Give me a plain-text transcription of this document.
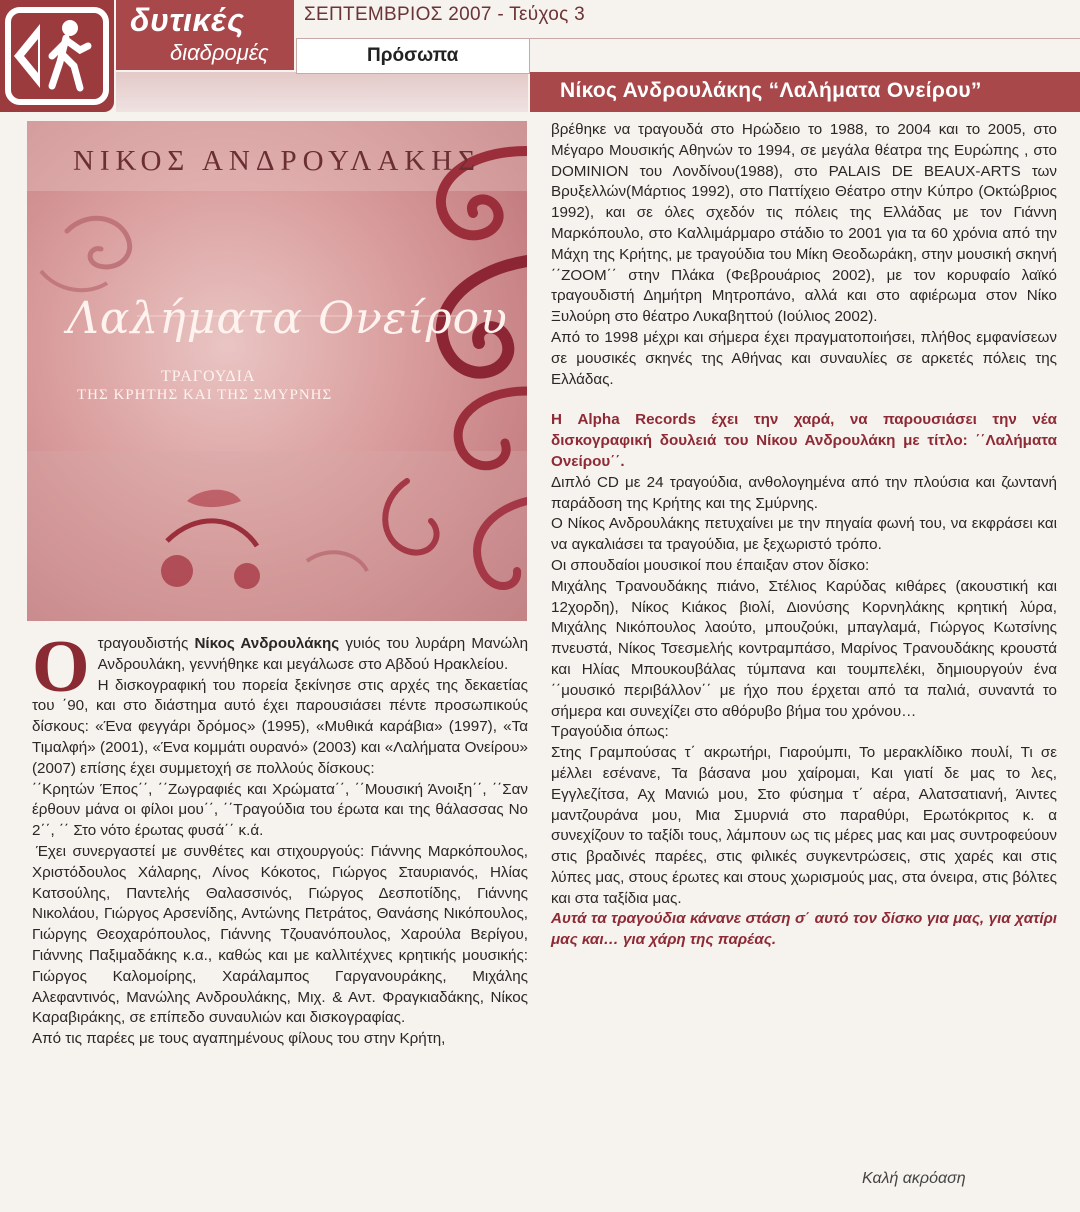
δυτικές
διαδρομές
ΣΕΠΤΕΜΒΡΙΟΣ 2007 - Τεύχος 3
Πρόσωπα
Νίκος Ανδρουλάκης “Λαλήματα Ονείρου”
ΝΙΚΟΣ ΑΝΔΡΟΥΛΑΚΗΣ
Λαλήματα Ονείρου
ΤΡΑΓΟΥΔΙΑ
ΤΗΣ ΚΡΗΤΗΣ ΚΑΙ ΤΗΣ ΣΜΥΡΝΗΣ

Ο τραγουδιστής Νίκος Ανδρουλάκης γυιός του λυράρη Μανώλη Ανδρουλάκη, γεννήθηκε και μεγάλωσε στο Αβδού Ηρακλείου.

Η δισκογραφική του πορεία ξεκίνησε στις αρχές της δεκαετίας του ΄90, και στο διάστημα αυτό έχει παρουσιάσει πέντε προσωπικούς δίσκους: «Ένα φεγγάρι δρόμος» (1995), «Μυθικά καράβια» (1997), «Τα Τιμαλφή» (2001), «Ένα κομμάτι ουρανό» (2003) και «Λαλήματα Ονείρου» (2007) επίσης έχει συμμετοχή σε πολλούς δίσκους:

΄΄Κρητών Έπος΄΄, ΄΄Ζωγραφιές και Χρώματα΄΄, ΄΄Μουσική Άνοιξη΄΄, ΄΄Σαν έρθουν μάνα οι φίλοι μου΄΄, ΄΄Τραγούδια του έρωτα και της θάλασσας Νο 2΄΄, ΄΄ Στο νότο έρωτας φυσά΄΄ κ.ά.

Έχει συνεργαστεί με συνθέτες και στιχουργούς: Γιάννης Μαρκόπουλος, Χριστόδουλος Χάλαρης, Λίνος Κόκοτος, Γιώργος Σταυριανός, Ηλίας Κατσούλης, Παντελής Θαλασσινός, Γιώργος Δεσποτίδης, Γιάννης Νικολάου, Γιώργος Αρσενίδης, Αντώνης Πετράτος, Θανάσης Νικόπουλος, Γιώργης Θεοχαρόπουλος, Γιάννης Τζουανόπουλος, Χαρούλα Βερίγου, Γιάννης Παξιμαδάκης κ.α., καθώς και με καλλιτέχνες κρητικής μουσικής: Γιώργος Καλομοίρης, Χαράλαμπος Γαργανουράκης, Μιχάλης Αλεφαντινός, Μανώλης Ανδρουλάκης, Μιχ. & Αντ. Φραγκιαδάκης, Νίκος Καραβιράκης, σε επίπεδο συναυλιών και δισκογραφίας.

Από τις παρέες με τους αγαπημένους φίλους του στην Κρήτη,

βρέθηκε να τραγουδά στο Ηρώδειο το 1988, το 2004 και το 2005, στο Μέγαρο Μουσικής Αθηνών το 1994, σε μεγάλα θέατρα της Ευρώπης , στο DOMINION του Λονδίνου(1988), στο PALAIS DE BEAUX-ARTS των Βρυξελλών(Μάρτιος 1992), στο Παττίχειο Θέατρο στην Κύπρο (Οκτώβριος 1992), και σε όλες σχεδόν τις πόλεις της Ελλάδας με τον Γιάννη Μαρκόπουλο, στο Καλλιμάρμαρο στάδιο το 2001 για τα 60 χρόνια από την Μάχη της Κρήτης, με τραγούδια του Μίκη Θεοδωράκη, στην μουσική σκηνή ΄΄ZOOM΄΄ στην Πλάκα (Φεβρουάριος 2002), με τον κορυφαίο λαϊκό τραγουδιστή Δημήτρη Μητροπάνο, αλλά και στο αφιέρωμα στον Νίκο Ξυλούρη στο θέατρο Λυκαβηττού (Ιούλιος 2002).

Από το 1998 μέχρι και σήμερα έχει πραγματοποιήσει, πλήθος εμφανίσεων σε μουσικές σκηνές της Αθήνας και συναυλίες σε αρκετές πόλεις της Ελλάδας.

Η Alpha Records έχει την χαρά, να παρουσιάσει την νέα δισκογραφική δουλειά του Νίκου Ανδρουλάκη με τίτλο: ΄΄Λαλήματα Ονείρου΄΄.

Διπλό CD με 24 τραγούδια, ανθολογημένα από την πλούσια και ζωντανή παράδοση της Κρήτης και της Σμύρνης.

Ο Νίκος Ανδρουλάκης πετυχαίνει με την πηγαία φωνή του, να εκφράσει και να αγκαλιάσει τα τραγούδια, με ξεχωριστό τρόπο.

Οι σπουδαίοι μουσικοί που έπαιξαν στον δίσκο:

Μιχάλης Τρανουδάκης πιάνο, Στέλιος Καρύδας κιθάρες (ακουστική και 12χορδη), Νίκος Κιάκος βιολί, Διονύσης Κορνηλάκης κρητική λύρα, Μιχάλης Νικόπουλος λαούτο, μπουζούκι, μπαγλαμά, Γιώργος Κωτσίνης πνευστά, Νίκος Τσεσμελής κοντραμπάσο, Μαρίνος Τρανουδάκης κρουστά και Ηλίας Μπουκουβάλας τύμπανα και τουμπελέκι, δημιουργούν ένα ΄΄μουσικό περιβάλλον΄΄ με ήχο που έρχεται από τα παλιά, συναντά το σήμερα και συνεχίζει στο αθόρυβο βήμα του χρόνου…

Τραγούδια όπως:

Στης Γραμπούσας τ΄ ακρωτήρι, Γιαρούμπι, Το μερακλίδικο πουλί, Τι σε μέλλει εσένανε, Τα βάσανα μου χαίρομαι, Και γιατί δε μας το λες, Εγγλεζίτσα, Αχ Μανιώ μου, Στο φύσημα τ΄ αέρα, Αλατσατιανή, Άιντες μαντζουράνα μου, Μια Σμυρνιά στο παραθύρι, Ερωτόκριτος κ. α συνεχίζουν το ταξίδι τους, λάμπουν ως τις μέρες μας και μας συντροφεύουν στις βραδινές παρέες, στις φιλικές συγκεντρώσεις, στις χαρές και στις λύπες μας, στους έρωτες και στους χωρισμούς μας, στα όνειρα, στις βόλτες και στα ταξίδια μας.

Αυτά τα τραγούδια κάνανε στάση σ΄ αυτό τον δίσκο για μας, για χατίρι μας και… για χάρη της παρέας.

Καλή ακρόαση
